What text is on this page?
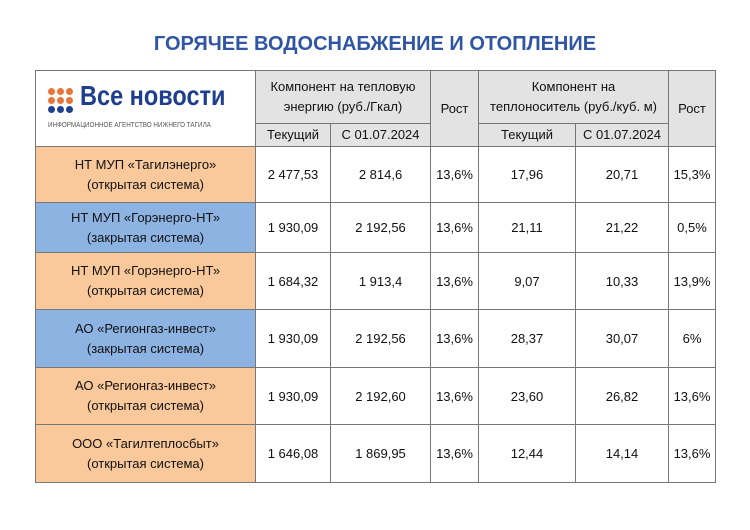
ГОРЯЧЕЕ ВОДОСНАБЖЕНИЕ И ОТОПЛЕНИЕ
Все новости
ИНФОРМАЦИОННОЕ АГЕНТСТВО НИЖНЕГО ТАГИЛА	Компонент на тепловую энергию (руб./Гкал)		Рост	Компонент на теплоноситель (руб./куб. м)		Рост
	Текущий	С 01.07.2024		Текущий	С 01.07.2024	

НТ МУП «Тагилэнерго»
(открытая система)	2 477,53	2 814,6	13,6%	17,96	20,71	15,3%

НТ МУП «Горэнерго-НТ»
(закрытая система)	1 930,09	2 192,56	13,6%	21,11	21,22	0,5%

НТ МУП «Горэнерго-НТ»
(открытая система)	1 684,32	1 913,4	13,6%	9,07	10,33	13,9%

АО «Регионгаз-инвест»
(закрытая система)	1 930,09	2 192,56	13,6%	28,37	30,07	6%

АО «Регионгаз-инвест»
(открытая система)	1 930,09	2 192,60	13,6%	23,60	26,82	13,6%

ООО «Тагилтеплосбыт»
(открытая система)	1 646,08	1 869,95	13,6%	12,44	14,14	13,6%
